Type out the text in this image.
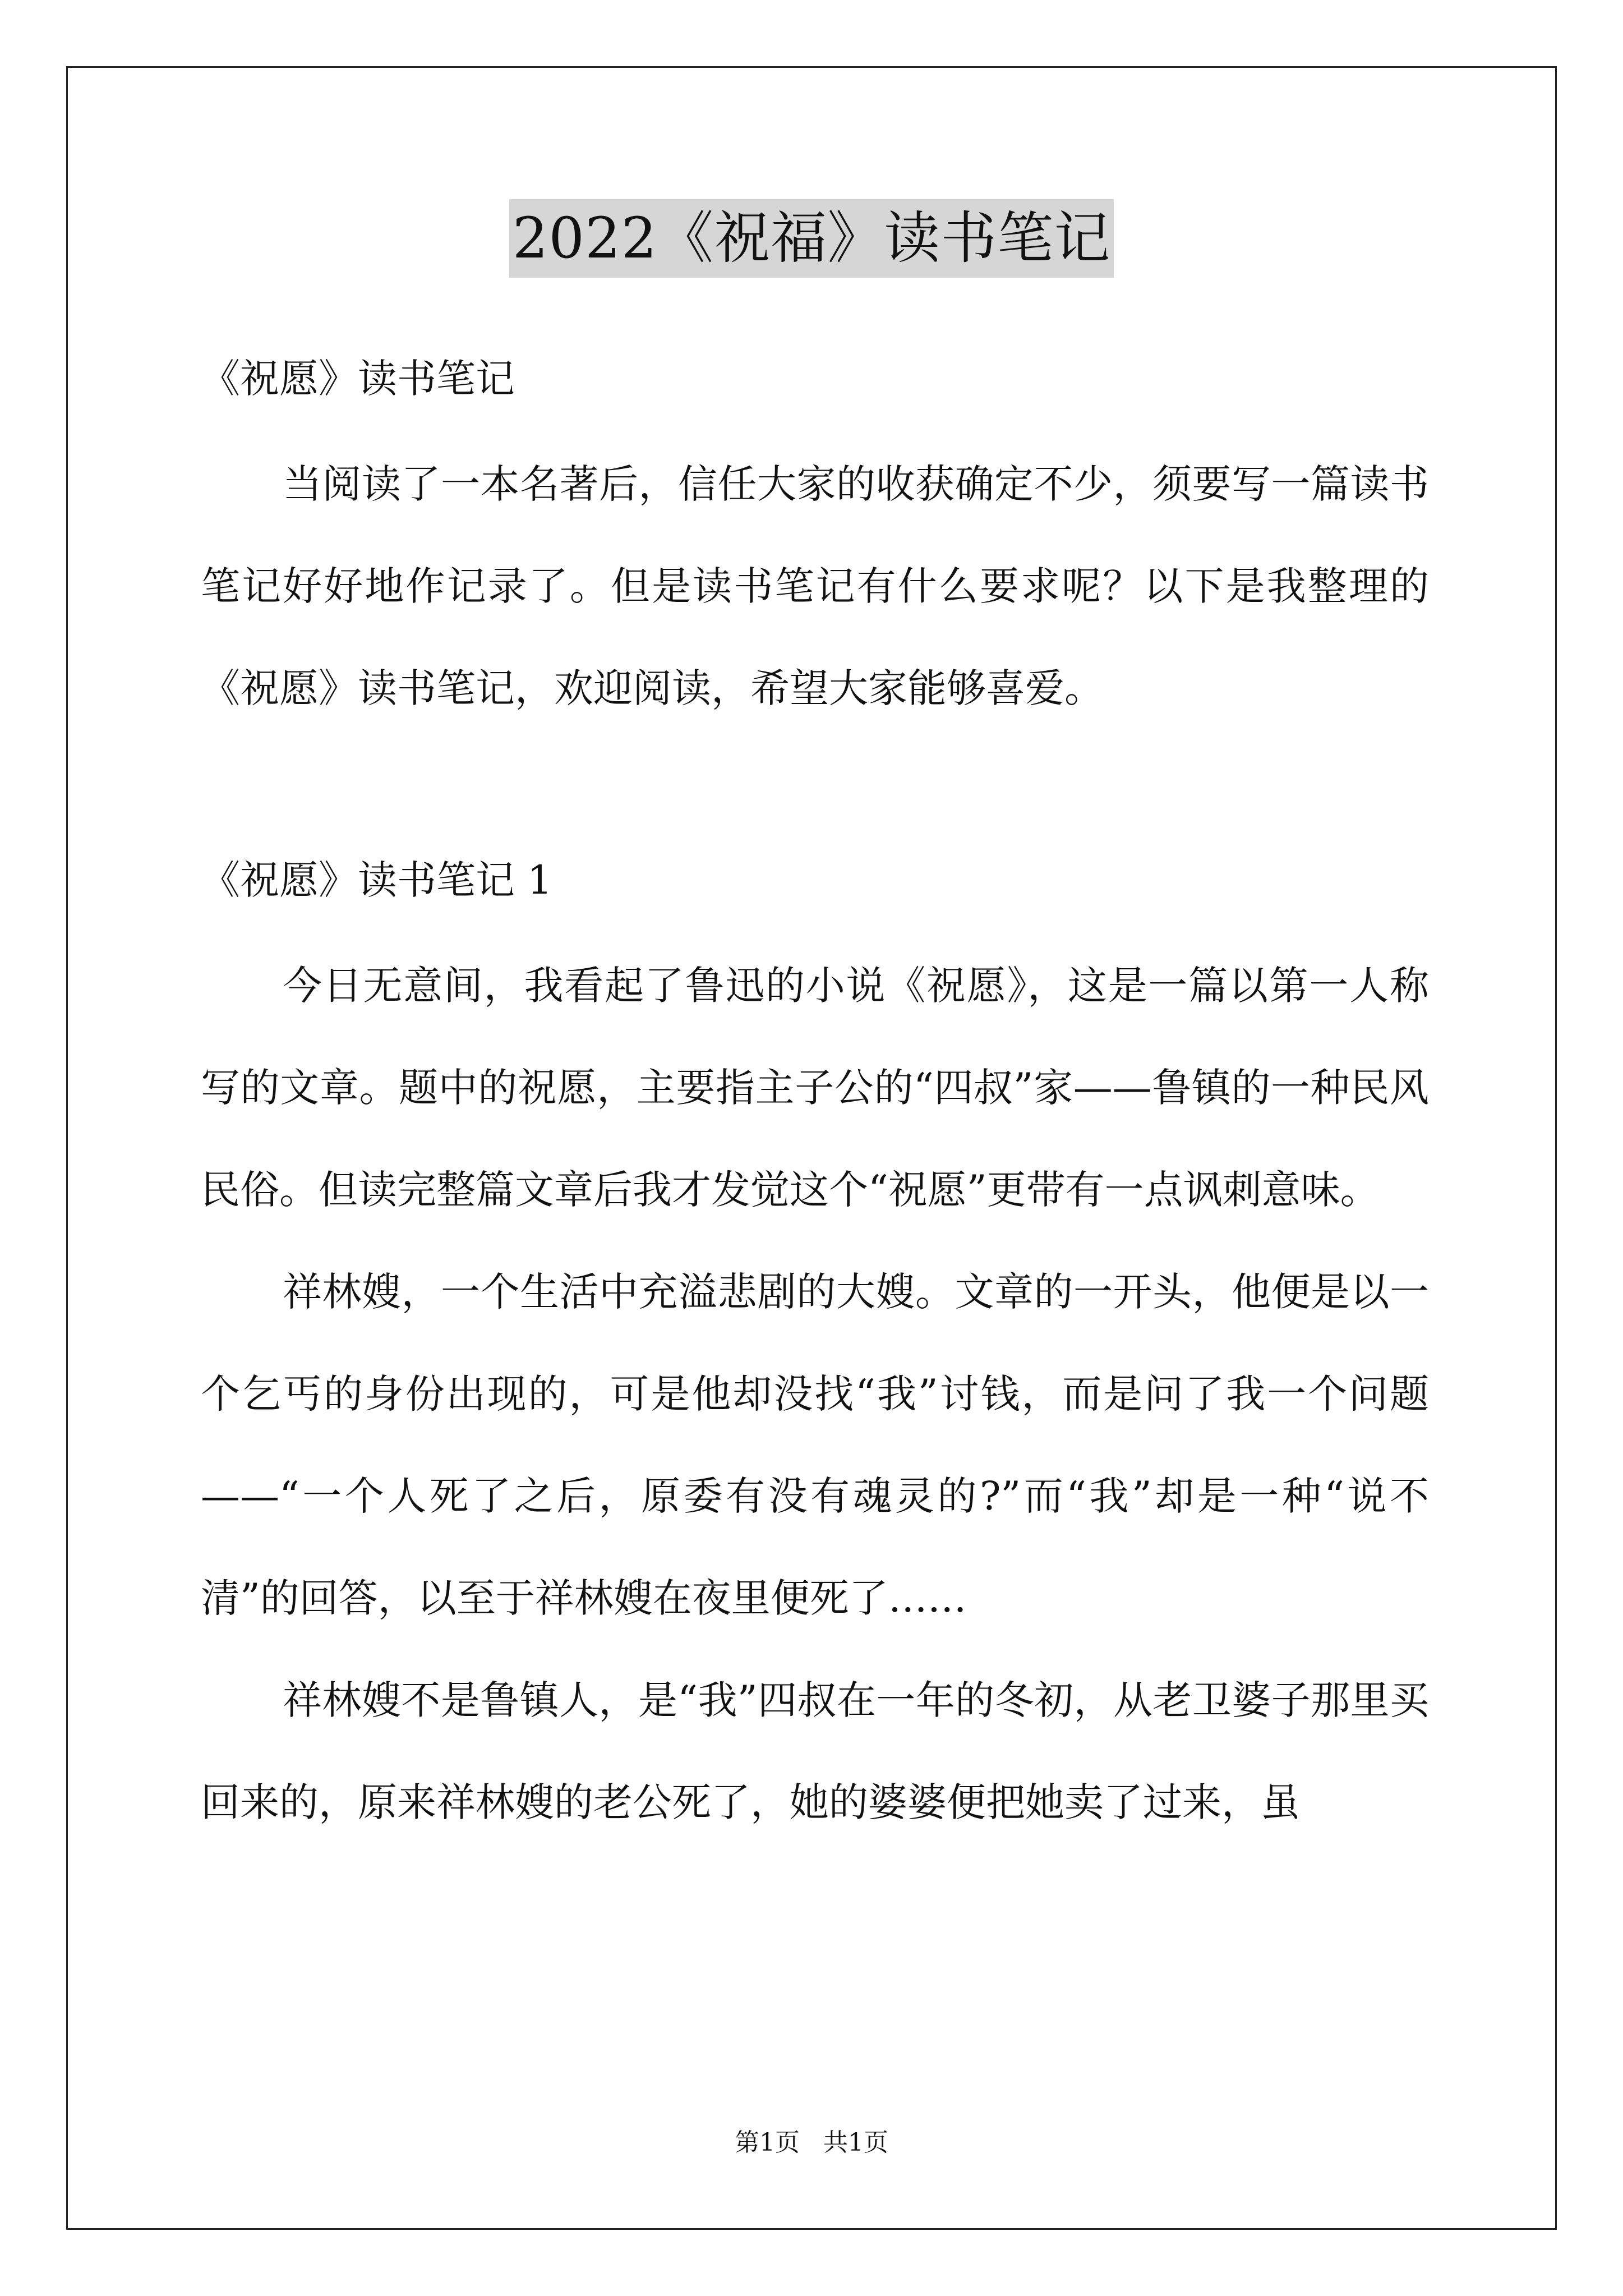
2022《祝福》读书笔记

《祝愿》读书笔记

当阅读了一本名著后，信任大家的收获确定不少，须要写一篇读书笔记好好地作记录了。但是读书笔记有什么要求呢？以下是我整理的《祝愿》读书笔记，欢迎阅读，希望大家能够喜爱。

《祝愿》读书笔记 1

今日无意间，我看起了鲁迅的小说《祝愿》，这是一篇以第一人称写的文章。题中的祝愿，主要指主子公的“四叔”家——鲁镇的一种民风民俗。但读完整篇文章后我才发觉这个“祝愿”更带有一点讽刺意味。

祥林嫂，一个生活中充溢悲剧的大嫂。文章的一开头，他便是以一个乞丐的身份出现的，可是他却没找“我”讨钱，而是问了我一个问题——“一个人死了之后，原委有没有魂灵的?”而“我”却是一种“说不清”的回答，以至于祥林嫂在夜里便死了……

祥林嫂不是鲁镇人，是“我”四叔在一年的冬初，从老卫婆子那里买回来的，原来祥林嫂的老公死了，她的婆婆便把她卖了过来，虽

第1页   共1页
